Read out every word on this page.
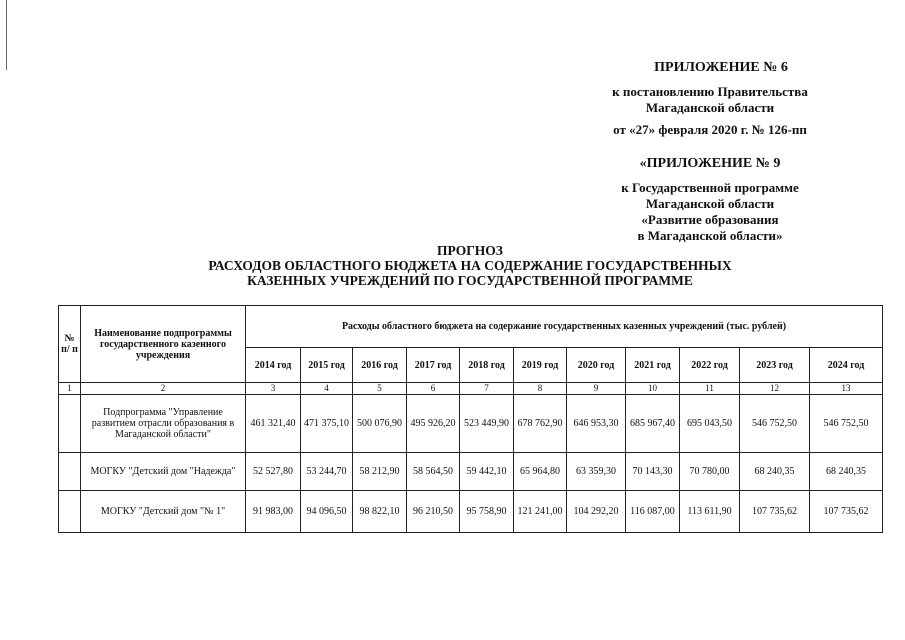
ПРИЛОЖЕНИЕ № 6
к постановлению Правительства
Магаданской области
от «27» февраля 2020 г. № 126-пп
«ПРИЛОЖЕНИЕ № 9
к Государственной программе
Магаданской области
«Развитие образования
в Магаданской области»
ПРОГНОЗ
РАСХОДОВ ОБЛАСТНОГО БЮДЖЕТА НА СОДЕРЖАНИЕ ГОСУДАРСТВЕННЫХ
КАЗЕННЫХ УЧРЕЖДЕНИЙ ПО ГОСУДАРСТВЕННОЙ ПРОГРАММЕ
№ п/ п	Наименование подпрограммы государственного казенного учреждения	Расходы областного бюджета на содержание государственных казенных учреждений (тыс. рублей)										
		2014 год	2015 год	2016 год	2017 год	2018 год	2019 год	2020 год	2021 год	2022 год	2023 год	2024 год
1	2	3	4	5	6	7	8	9	10	11	12	13
	Подпрограмма "Управление развитием отрасли образования в Магаданской области"	461 321,40	471 375,10	500 076,90	495 926,20	523 449,90	678 762,90	646 953,30	685 967,40	695 043,50	546 752,50	546 752,50
	МОГКУ "Детский дом "Надежда"	52 527,80	53 244,70	58 212,90	58 564,50	59 442,10	65 964,80	63 359,30	70 143,30	70 780,00	68 240,35	68 240,35
	МОГКУ "Детский дом "№ 1"	91 983,00	94 096,50	98 822,10	96 210,50	95 758,90	121 241,00	104 292,20	116 087,00	113 611,90	107 735,62	107 735,62
